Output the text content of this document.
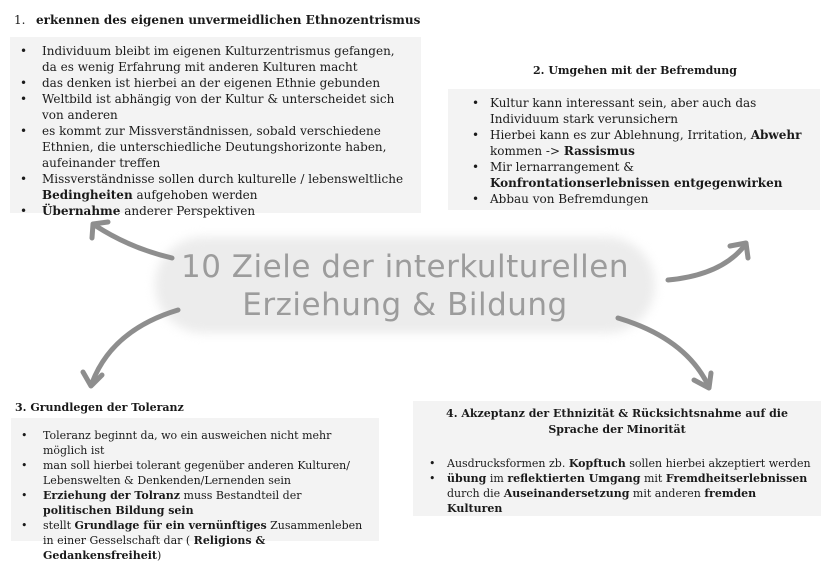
10 Ziele der interkulturellen
Erziehung & Bildung
1. erkennen des eigenen unvermeidlichen Ethnozentrismus
• Individuum bleibt im eigenen Kulturzentrismus gefangen, da es wenig Erfahrung mit anderen Kulturen macht
• das denken ist hierbei an der eigenen Ethnie gebunden
• Weltbild ist abhängig von der Kultur & unterscheidet sich von anderen
• es kommt zur Missverständnissen, sobald verschiedene Ethnien, die unterschiedliche Deutungshorizonte haben, aufeinander treffen
• Missverständnisse sollen durch kulturelle / lebensweltliche Bedingheiten aufgehoben werden
• Übernahme anderer Perspektiven
2. Umgehen mit der Befremdung
• Kultur kann interessant sein, aber auch das Individuum stark verunsichern
• Hierbei kann es zur Ablehnung, Irritation, Abwehr kommen -> Rassismus
• Mir lernarrangement & Konfrontationserlebnissen entgegenwirken
• Abbau von Befremdungen
3. Grundlegen der Toleranz
• Toleranz beginnt da, wo ein ausweichen nicht mehr möglich ist
• man soll hierbei tolerant gegenüber anderen Kulturen/ Lebenswelten & Denkenden/Lernenden sein
• Erziehung der Tolranz muss Bestandteil der politischen Bildung sein
• stellt Grundlage für ein vernünftiges Zusammenleben in einer Gesselschaft dar ( Religions & Gedankensfreiheit)
4. Akzeptanz der Ethnizität & Rücksichtsnahme auf die Sprache der Minorität
• Ausdrucksformen zb. Kopftuch sollen hierbei akzeptiert werden
• übung im reflektierten Umgang mit Fremdheitserlebnissen durch die Auseinandersetzung mit anderen fremden Kulturen
